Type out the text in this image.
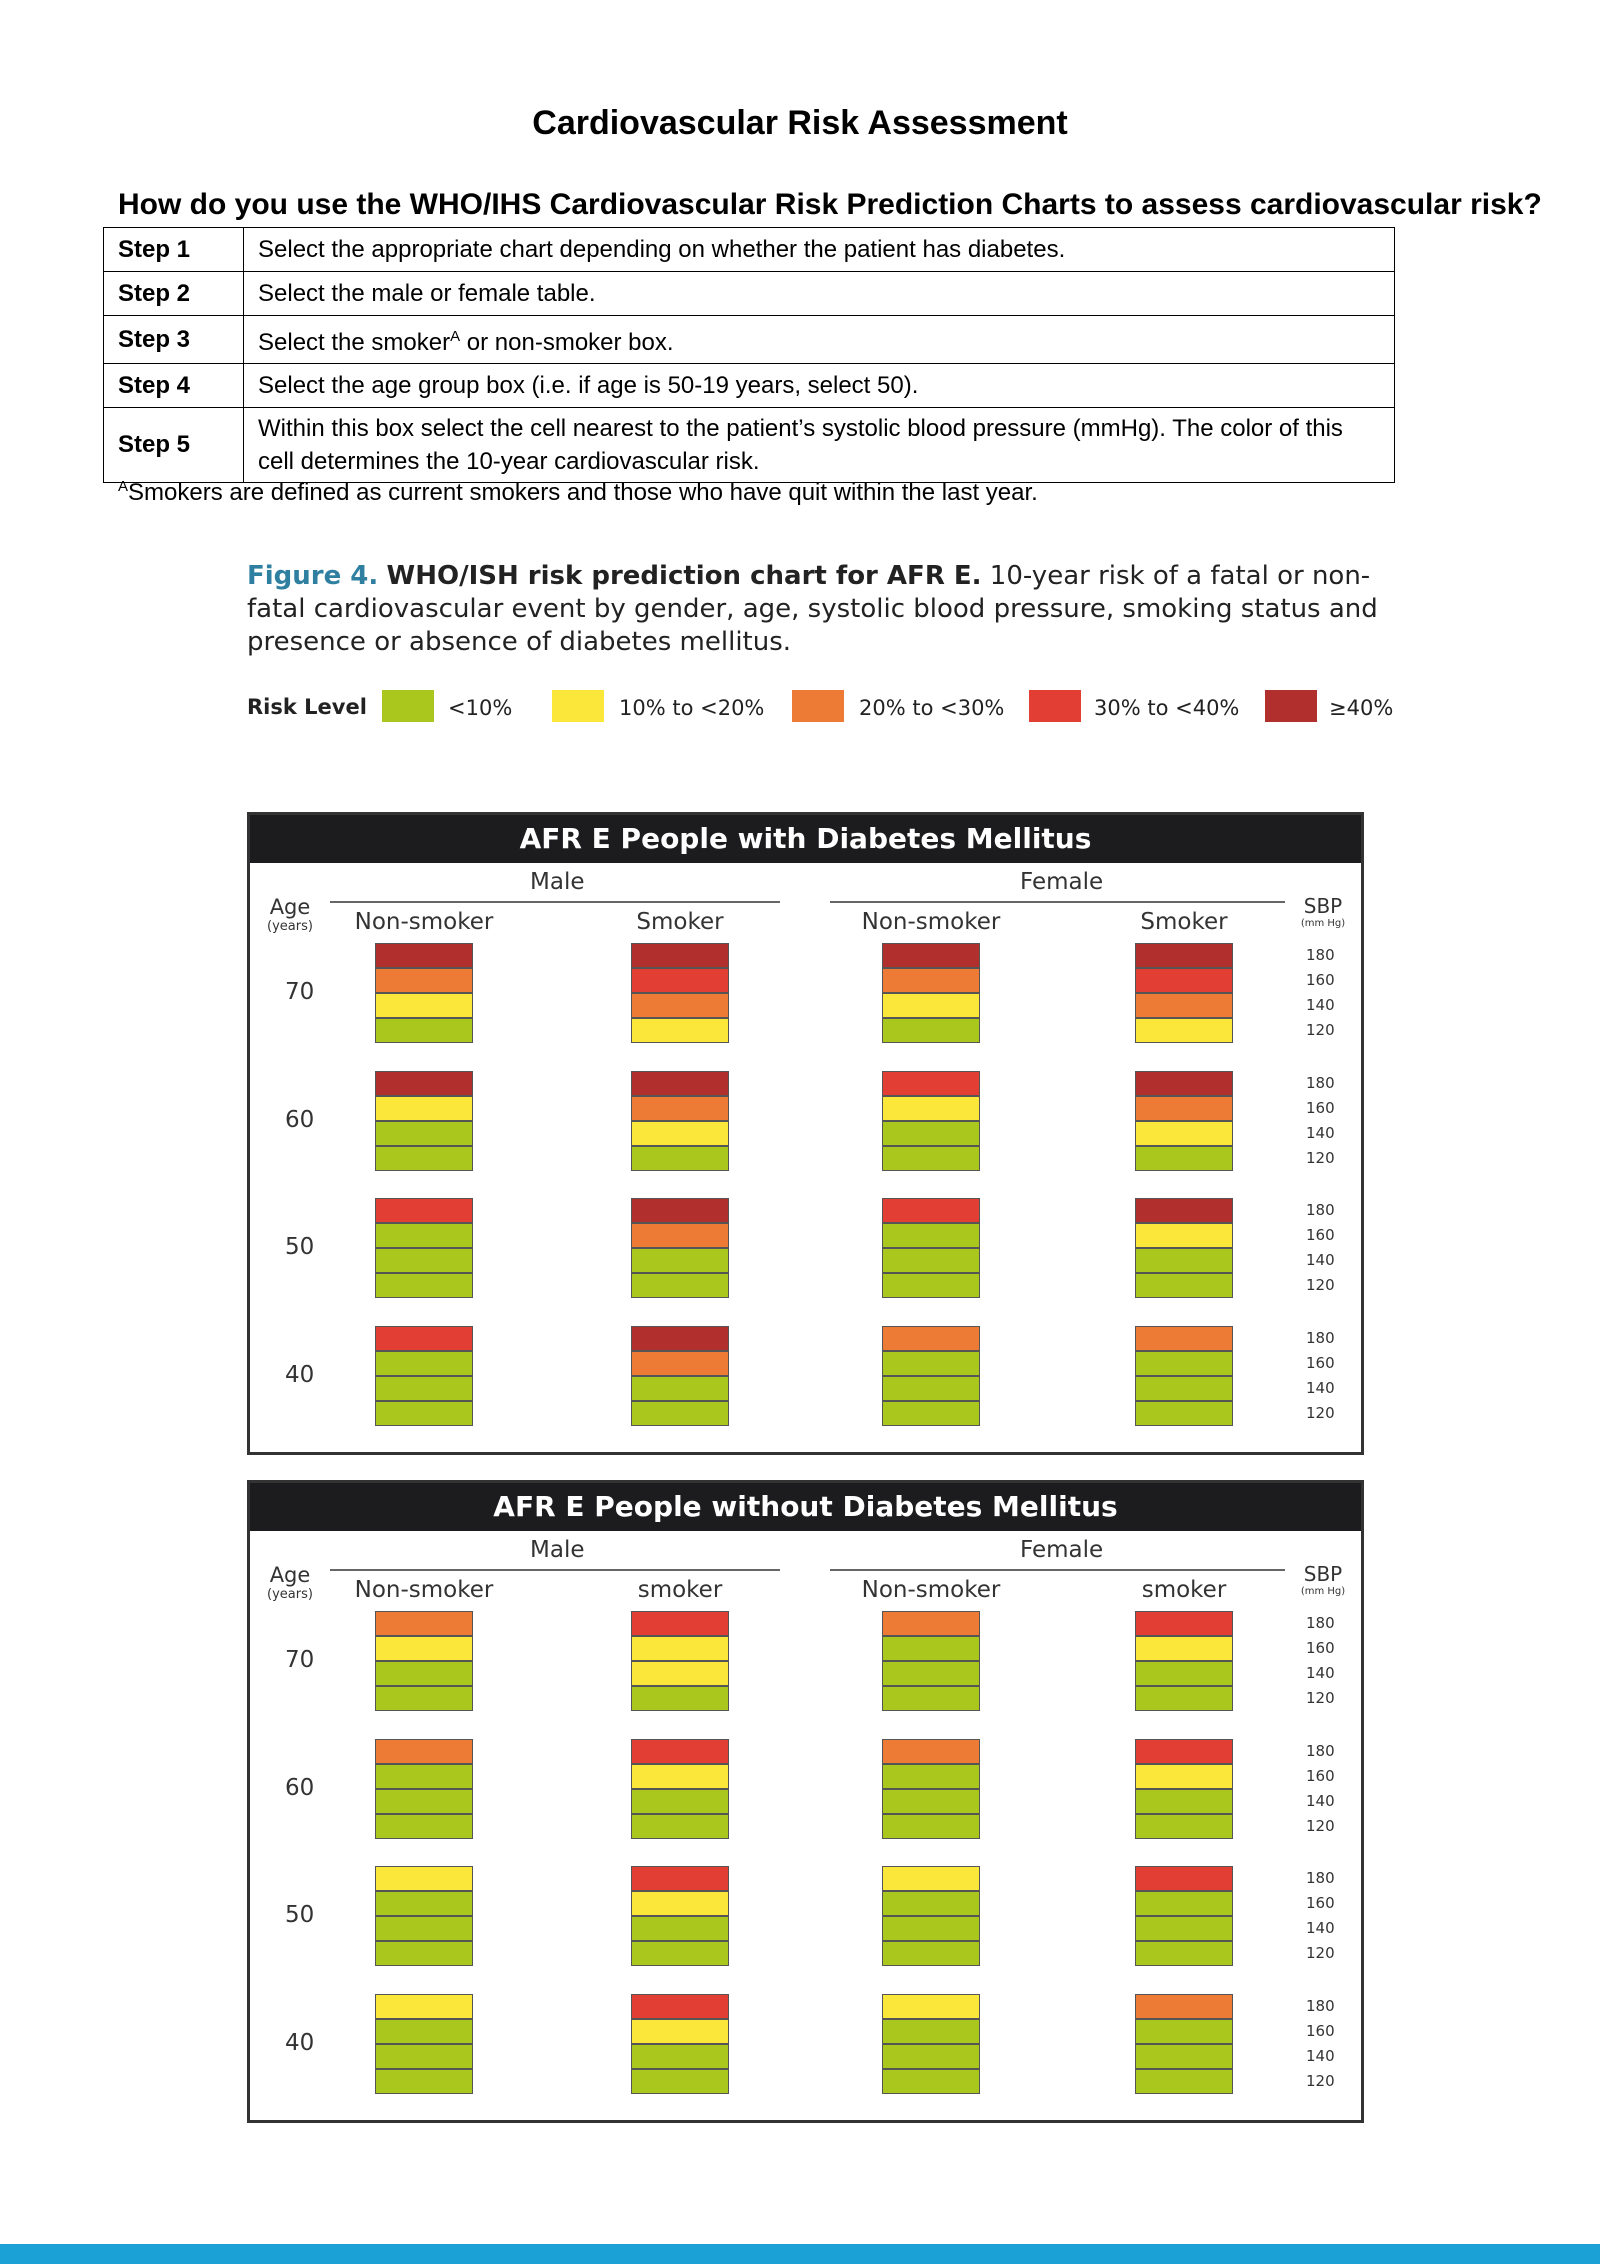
Cardiovascular Risk Assessment
How do you use the WHO/IHS Cardiovascular Risk Prediction Charts to assess cardiovascular risk?
Step 1	Select the appropriate chart depending on whether the patient has diabetes.
Step 2	Select the male or female table.
Step 3	Select the smoker$^A$ or non-smoker box.
Step 4	Select the age group box (i.e. if age is 50-19 years, select 50).
Step 5	Within this box select the cell nearest to the patient’s systolic blood pressure (mmHg). The color of this cell determines the 10-year cardiovascular risk.
$^A$Smokers are defined as current smokers and those who have quit within the last year.
Figure 4. WHO/ISH risk prediction chart for AFR E. 10-year risk of a fatal or non-fatal cardiovascular event by gender, age, systolic blood pressure, smoking status and presence or absence of diabetes mellitus.
Risk Level	<10%	10% to <20%	20% to <30%	30% to <40%	≥40%
AFR E People with Diabetes Mellitus
Male	Female
Age
(years)
SBP
(mm Hg)
Non-smoker	Smoker	Non-smoker	Smoker
70
180
160
140
120
60
180
160
140
120
50
180
160
140
120
40
180
160
140
120
AFR E People without Diabetes Mellitus
Male	Female
Age
(years)
SBP
(mm Hg)
Non-smoker	smoker	Non-smoker	smoker
70
180
160
140
120
60
180
160
140
120
50
180
160
140
120
40
180
160
140
120
